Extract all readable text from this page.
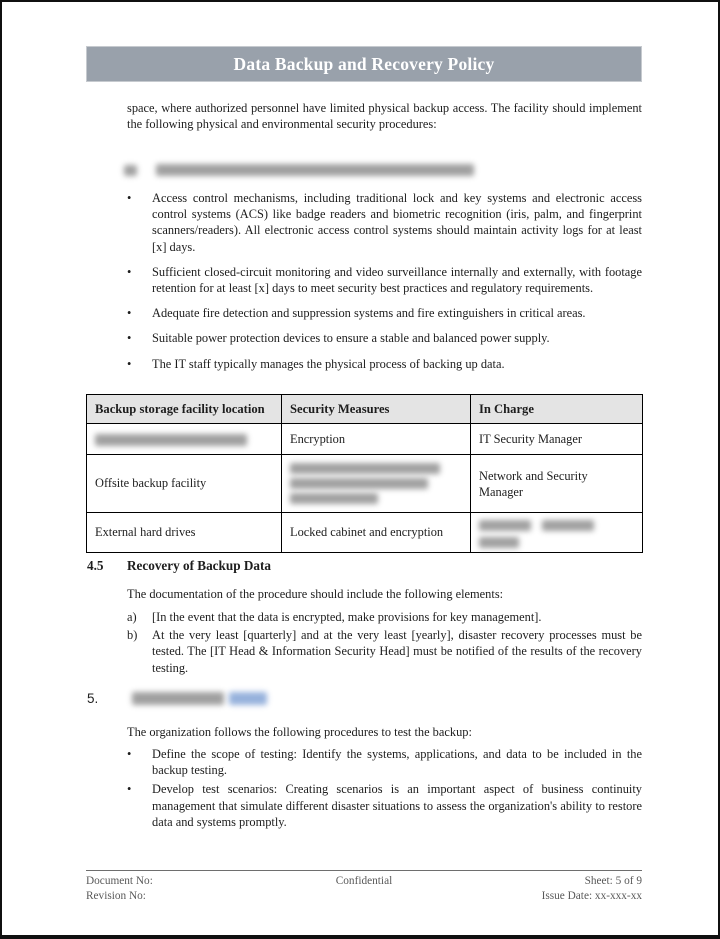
Data Backup and Recovery Policy
space, where authorized personnel have limited physical backup access. The facility should implement the following physical and environmental security procedures:

•	Access control mechanisms, including traditional lock and key systems and electronic access control systems (ACS) like badge readers and biometric recognition (iris, palm, and fingerprint scanners/readers). All electronic access control systems should maintain activity logs for at least [x] days.
•	Sufficient closed-circuit monitoring and video surveillance internally and externally, with footage retention for at least [x] days to meet security best practices and regulatory requirements.
•	Adequate fire detection and suppression systems and fire extinguishers in critical areas.
•	Suitable power protection devices to ensure a stable and balanced power supply.
•	The IT staff typically manages the physical process of backing up data.
Backup storage facility location	Security Measures	In Charge
	Encryption	IT Security Manager
Offsite backup facility		Network and Security Manager
External hard drives	Locked cabinet and encryption	

4.5	Recovery of Backup Data
The documentation of the procedure should include the following elements:
a)	[In the event that the data is encrypted, make provisions for key management].
b)	At the very least [quarterly] and at the very least [yearly], disaster recovery processes must be tested. The [IT Head & Information Security Head] must be notified of the results of the recovery testing.
5.
The organization follows the following procedures to test the backup:
•	Define the scope of testing: Identify the systems, applications, and data to be included in the backup testing.
•	Develop test scenarios: Creating scenarios is an important aspect of business continuity management that simulate different disaster situations to assess the organization's ability to restore data and systems promptly.
Document No:
Revision No:
Confidential	Sheet: 5 of 9
Issue Date: xx-xxx-xx
